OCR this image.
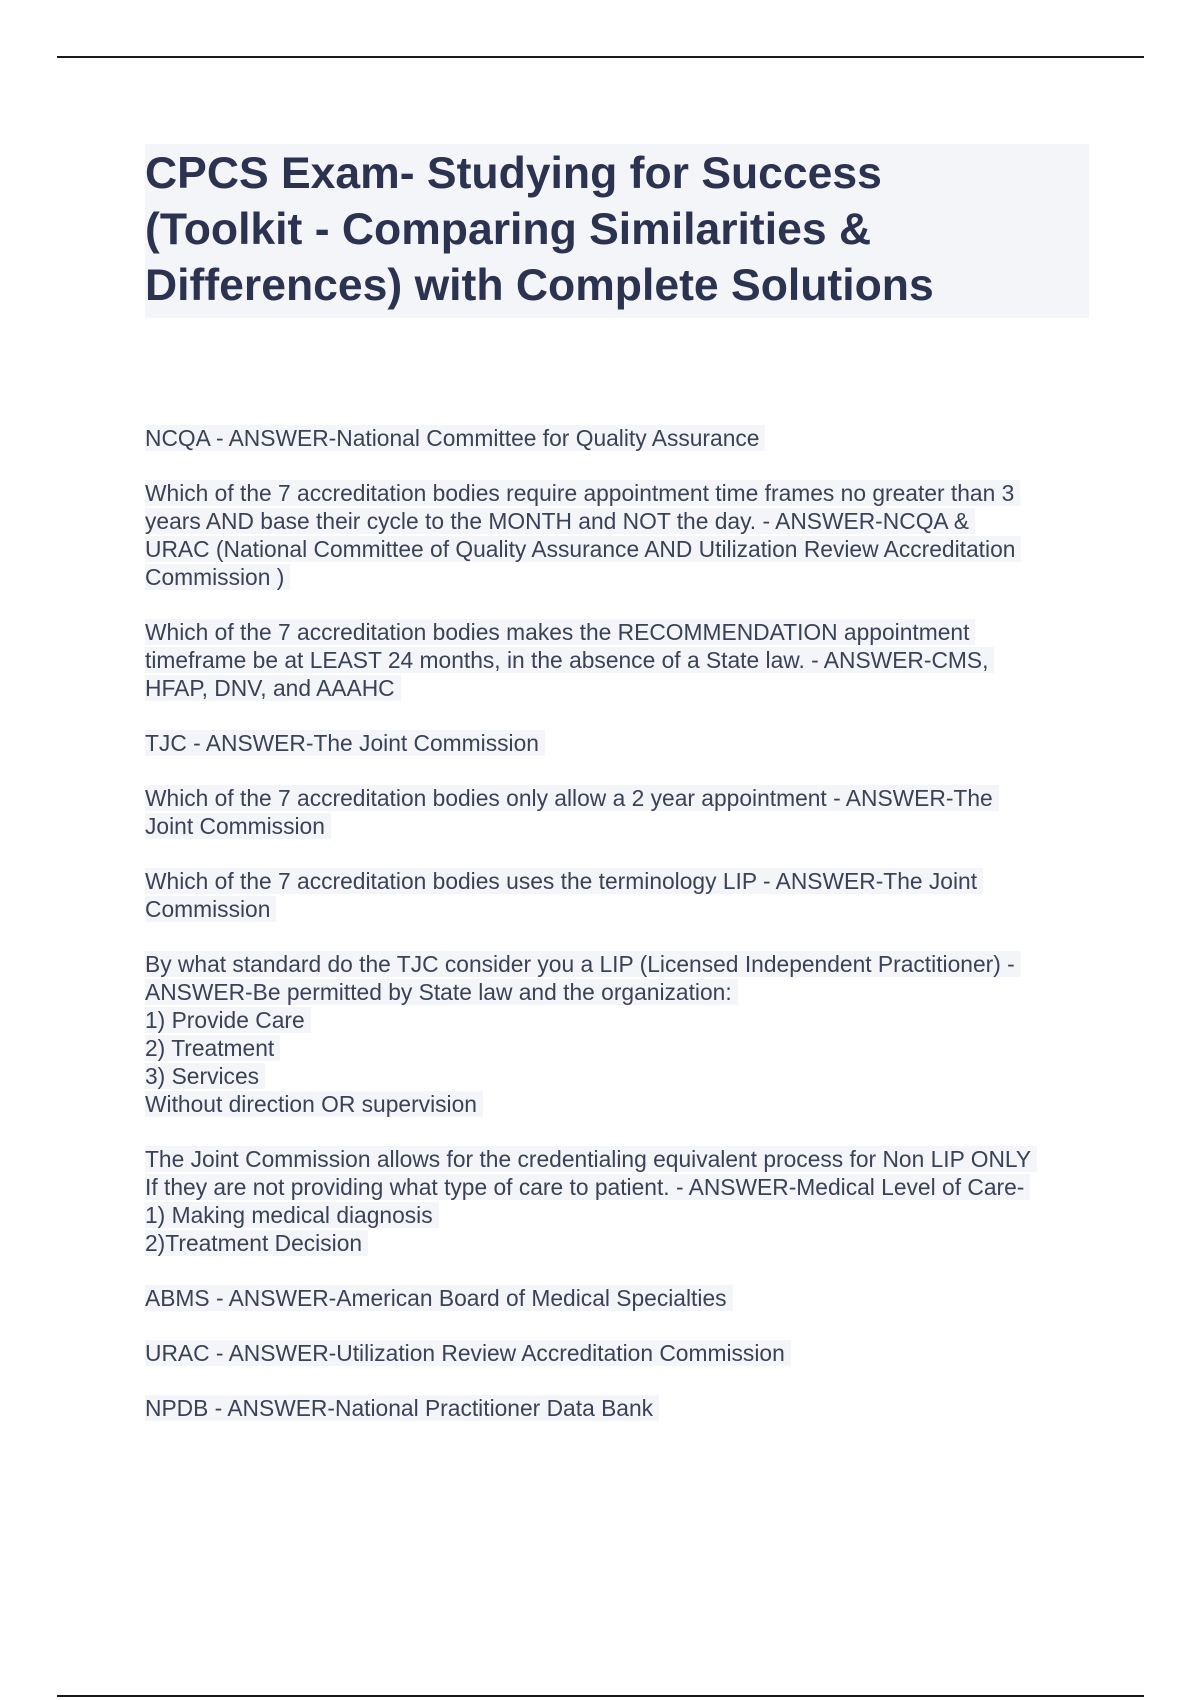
CPCS Exam- Studying for Success
(Toolkit - Comparing Similarities &
Differences) with Complete Solutions
NCQA - ANSWER-National Committee for Quality Assurance
Which of the 7 accreditation bodies require appointment time frames no greater than 3
years AND base their cycle to the MONTH and NOT the day. - ANSWER-NCQA &
URAC (National Committee of Quality Assurance AND Utilization Review Accreditation
Commission )
Which of the 7 accreditation bodies makes the RECOMMENDATION appointment
timeframe be at LEAST 24 months, in the absence of a State law. - ANSWER-CMS,
HFAP, DNV, and AAAHC
TJC - ANSWER-The Joint Commission
Which of the 7 accreditation bodies only allow a 2 year appointment - ANSWER-The
Joint Commission
Which of the 7 accreditation bodies uses the terminology LIP - ANSWER-The Joint
Commission
By what standard do the TJC consider you a LIP (Licensed Independent Practitioner) -
ANSWER-Be permitted by State law and the organization:
1) Provide Care
2) Treatment
3) Services
Without direction OR supervision
The Joint Commission allows for the credentialing equivalent process for Non LIP ONLY
If they are not providing what type of care to patient. - ANSWER-Medical Level of Care-
1) Making medical diagnosis
2)Treatment Decision
ABMS - ANSWER-American Board of Medical Specialties
URAC - ANSWER-Utilization Review Accreditation Commission
NPDB - ANSWER-National Practitioner Data Bank
